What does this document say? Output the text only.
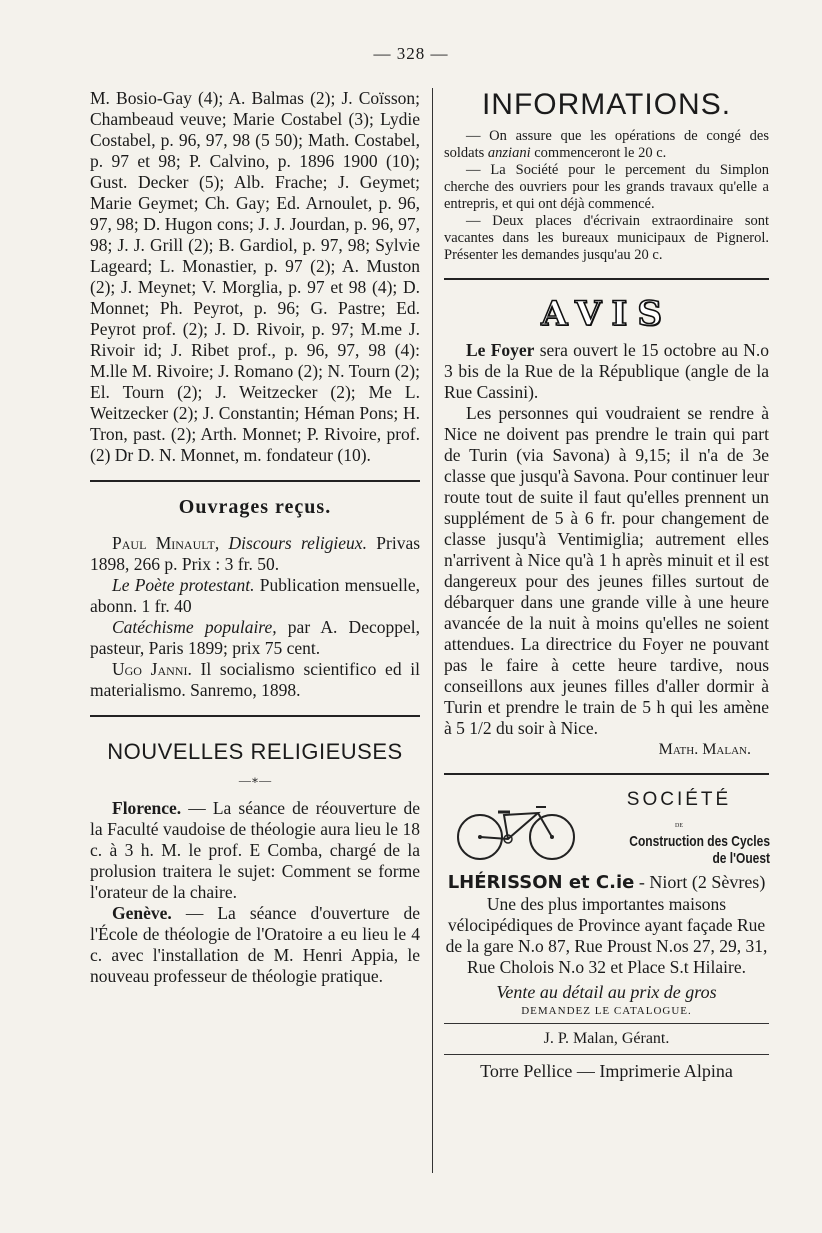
— 328 —

M. Bosio-Gay (4); A. Balmas (2); J. Coïsson; Chambeaud veuve; Marie Costabel (3); Lydie Costabel, p. 96, 97, 98 (5 50); Math. Costabel, p. 97 et 98; P. Calvino, p. 1896 1900 (10); Gust. Decker (5); Alb. Frache; J. Geymet; Marie Geymet; Ch. Gay; Ed. Arnoulet, p. 96, 97, 98; D. Hugon cons; J. J. Jourdan, p. 96, 97, 98; J. J. Grill (2); B. Gardiol, p. 97, 98; Sylvie Lageard; L. Monastier, p. 97 (2); A. Muston (2); J. Meynet; V. Morglia, p. 97 et 98 (4); D. Monnet; Ph. Peyrot, p. 96; G. Pastre; Ed. Peyrot prof. (2); J. D. Rivoir, p. 97; M.me J. Rivoir id; J. Ribet prof., p. 96, 97, 98 (4): M.lle M. Rivoire; J. Romano (2); N. Tourn (2); El. Tourn (2); J. Weitzecker (2); Me L. Weitzecker (2); J. Constantin; Héman Pons; H. Tron, past. (2); Arth. Monnet; P. Rivoire, prof. (2) Dr D. N. Monnet, m. fondateur (10).

Ouvrages reçus.

Paul Minault, Discours religieux. Privas 1898, 266 p. Prix : 3 fr. 50.

Le Poète protestant. Publication mensuelle, abonn. 1 fr. 40

Catéchisme populaire, par A. Decoppel, pasteur, Paris 1899; prix 75 cent.

Ugo Janni. Il socialismo scientifico ed il materialismo. Sanremo, 1898.

NOUVELLES RELIGIEUSES
—∗—

Florence. — La séance de réouverture de la Faculté vaudoise de théologie aura lieu le 18 c. à 3 h. M. le prof. E Comba, chargé de la prolusion traitera le sujet: Comment se forme l'orateur de la chaire.

Genève. — La séance d'ouverture de l'École de théologie de l'Oratoire a eu lieu le 4 c. avec l'installation de M. Henri Appia, le nouveau professeur de théologie pratique.

INFORMATIONS.

— On assure que les opérations de congé des soldats anziani commenceront le 20 c.

— La Société pour le percement du Simplon cherche des ouvriers pour les grands travaux qu'elle a entrepris, et qui ont déjà commencé.

— Deux places d'écrivain extraordinaire sont vacantes dans les bureaux municipaux de Pignerol. Présenter les demandes jusqu'au 20 c.

AVIS

Le Foyer sera ouvert le 15 octobre au N.o 3 bis de la Rue de la République (angle de la Rue Cassini).

Les personnes qui voudraient se rendre à Nice ne doivent pas prendre le train qui part de Turin (via Savona) à 9,15; il n'a de 3e classe que jusqu'à Savona. Pour continuer leur route tout de suite il faut qu'elles prennent un supplément de 5 à 6 fr. pour changement de classe jusqu'à Ventimiglia; autrement elles n'arrivent à Nice qu'à 1 h après minuit et il est dangereux pour des jeunes filles surtout de débarquer dans une grande ville à une heure avancée de la nuit à moins qu'elles ne soient attendues. La directrice du Foyer ne pouvant pas le faire à cette heure tardive, nous conseillons aux jeunes filles d'aller dormir à Turin et prendre le train de 5 h qui les amène à 5 1/2 du soir à Nice.

Math. Malan.
SOCIÉTÉ
de
Construction des Cycles de l'Ouest
LHÉRISSON et C.ie - Niort (2 Sèvres)

Une des plus importantes maisons vélocipédiques de Province ayant façade Rue de la gare N.o 87, Rue Proust N.os 27, 29, 31, Rue Cholois N.o 32 et Place S.t Hilaire.

Vente au détail au prix de gros
DEMANDEZ LE CATALOGUE.
J. P. Malan, Gérant.
Torre Pellice — Imprimerie Alpina
